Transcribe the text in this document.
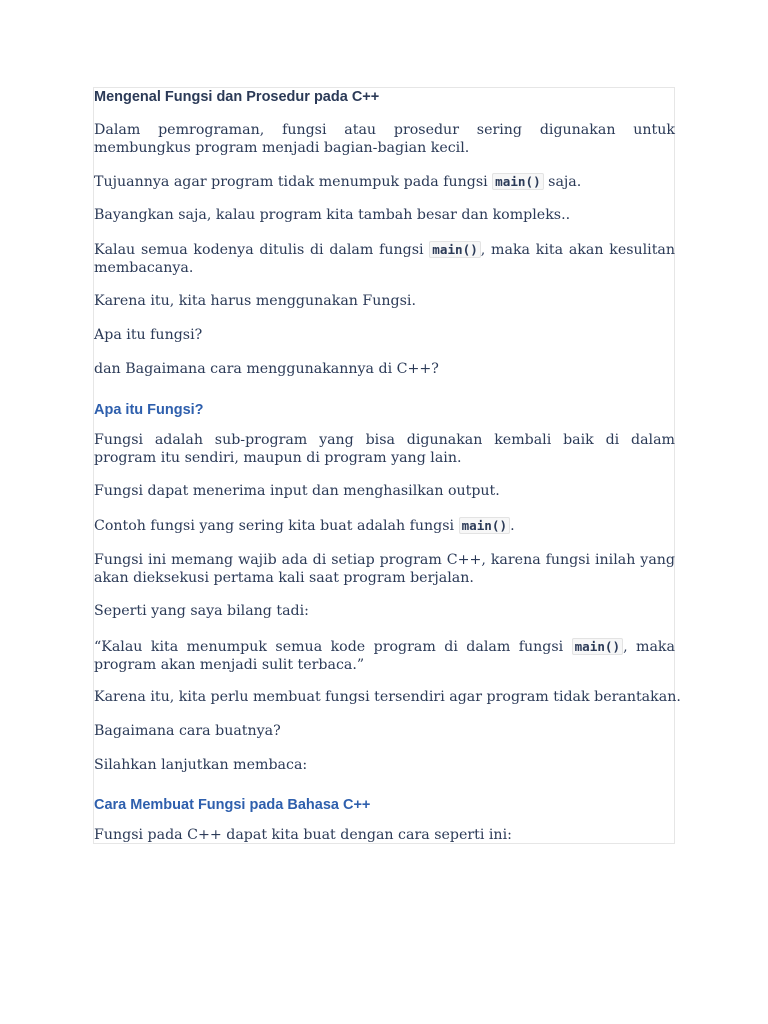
Mengenal Fungsi dan Prosedur pada C++

Dalam pemrograman, fungsi atau prosedur sering digunakan untuk membungkus program menjadi bagian-bagian kecil.

Tujuannya agar program tidak menumpuk pada fungsi main() saja.

Bayangkan saja, kalau program kita tambah besar dan kompleks..

Kalau semua kodenya ditulis di dalam fungsi main() , maka kita akan kesulitan membacanya.

Karena itu, kita harus menggunakan Fungsi.

Apa itu fungsi?

dan Bagaimana cara menggunakannya di C++?

Apa itu Fungsi?

Fungsi adalah sub-program yang bisa digunakan kembali baik di dalam program itu sendiri, maupun di program yang lain.

Fungsi dapat menerima input dan menghasilkan output.

Contoh fungsi yang sering kita buat adalah fungsi main() .

Fungsi ini memang wajib ada di setiap program C++, karena fungsi inilah yang akan dieksekusi pertama kali saat program berjalan.

Seperti yang saya bilang tadi:

“Kalau kita menumpuk semua kode program di dalam fungsi main() , maka program akan menjadi sulit terbaca.”

Karena itu, kita perlu membuat fungsi tersendiri agar program tidak berantakan.

Bagaimana cara buatnya?

Silahkan lanjutkan membaca:

Cara Membuat Fungsi pada Bahasa C++

Fungsi pada C++ dapat kita buat dengan cara seperti ini:
